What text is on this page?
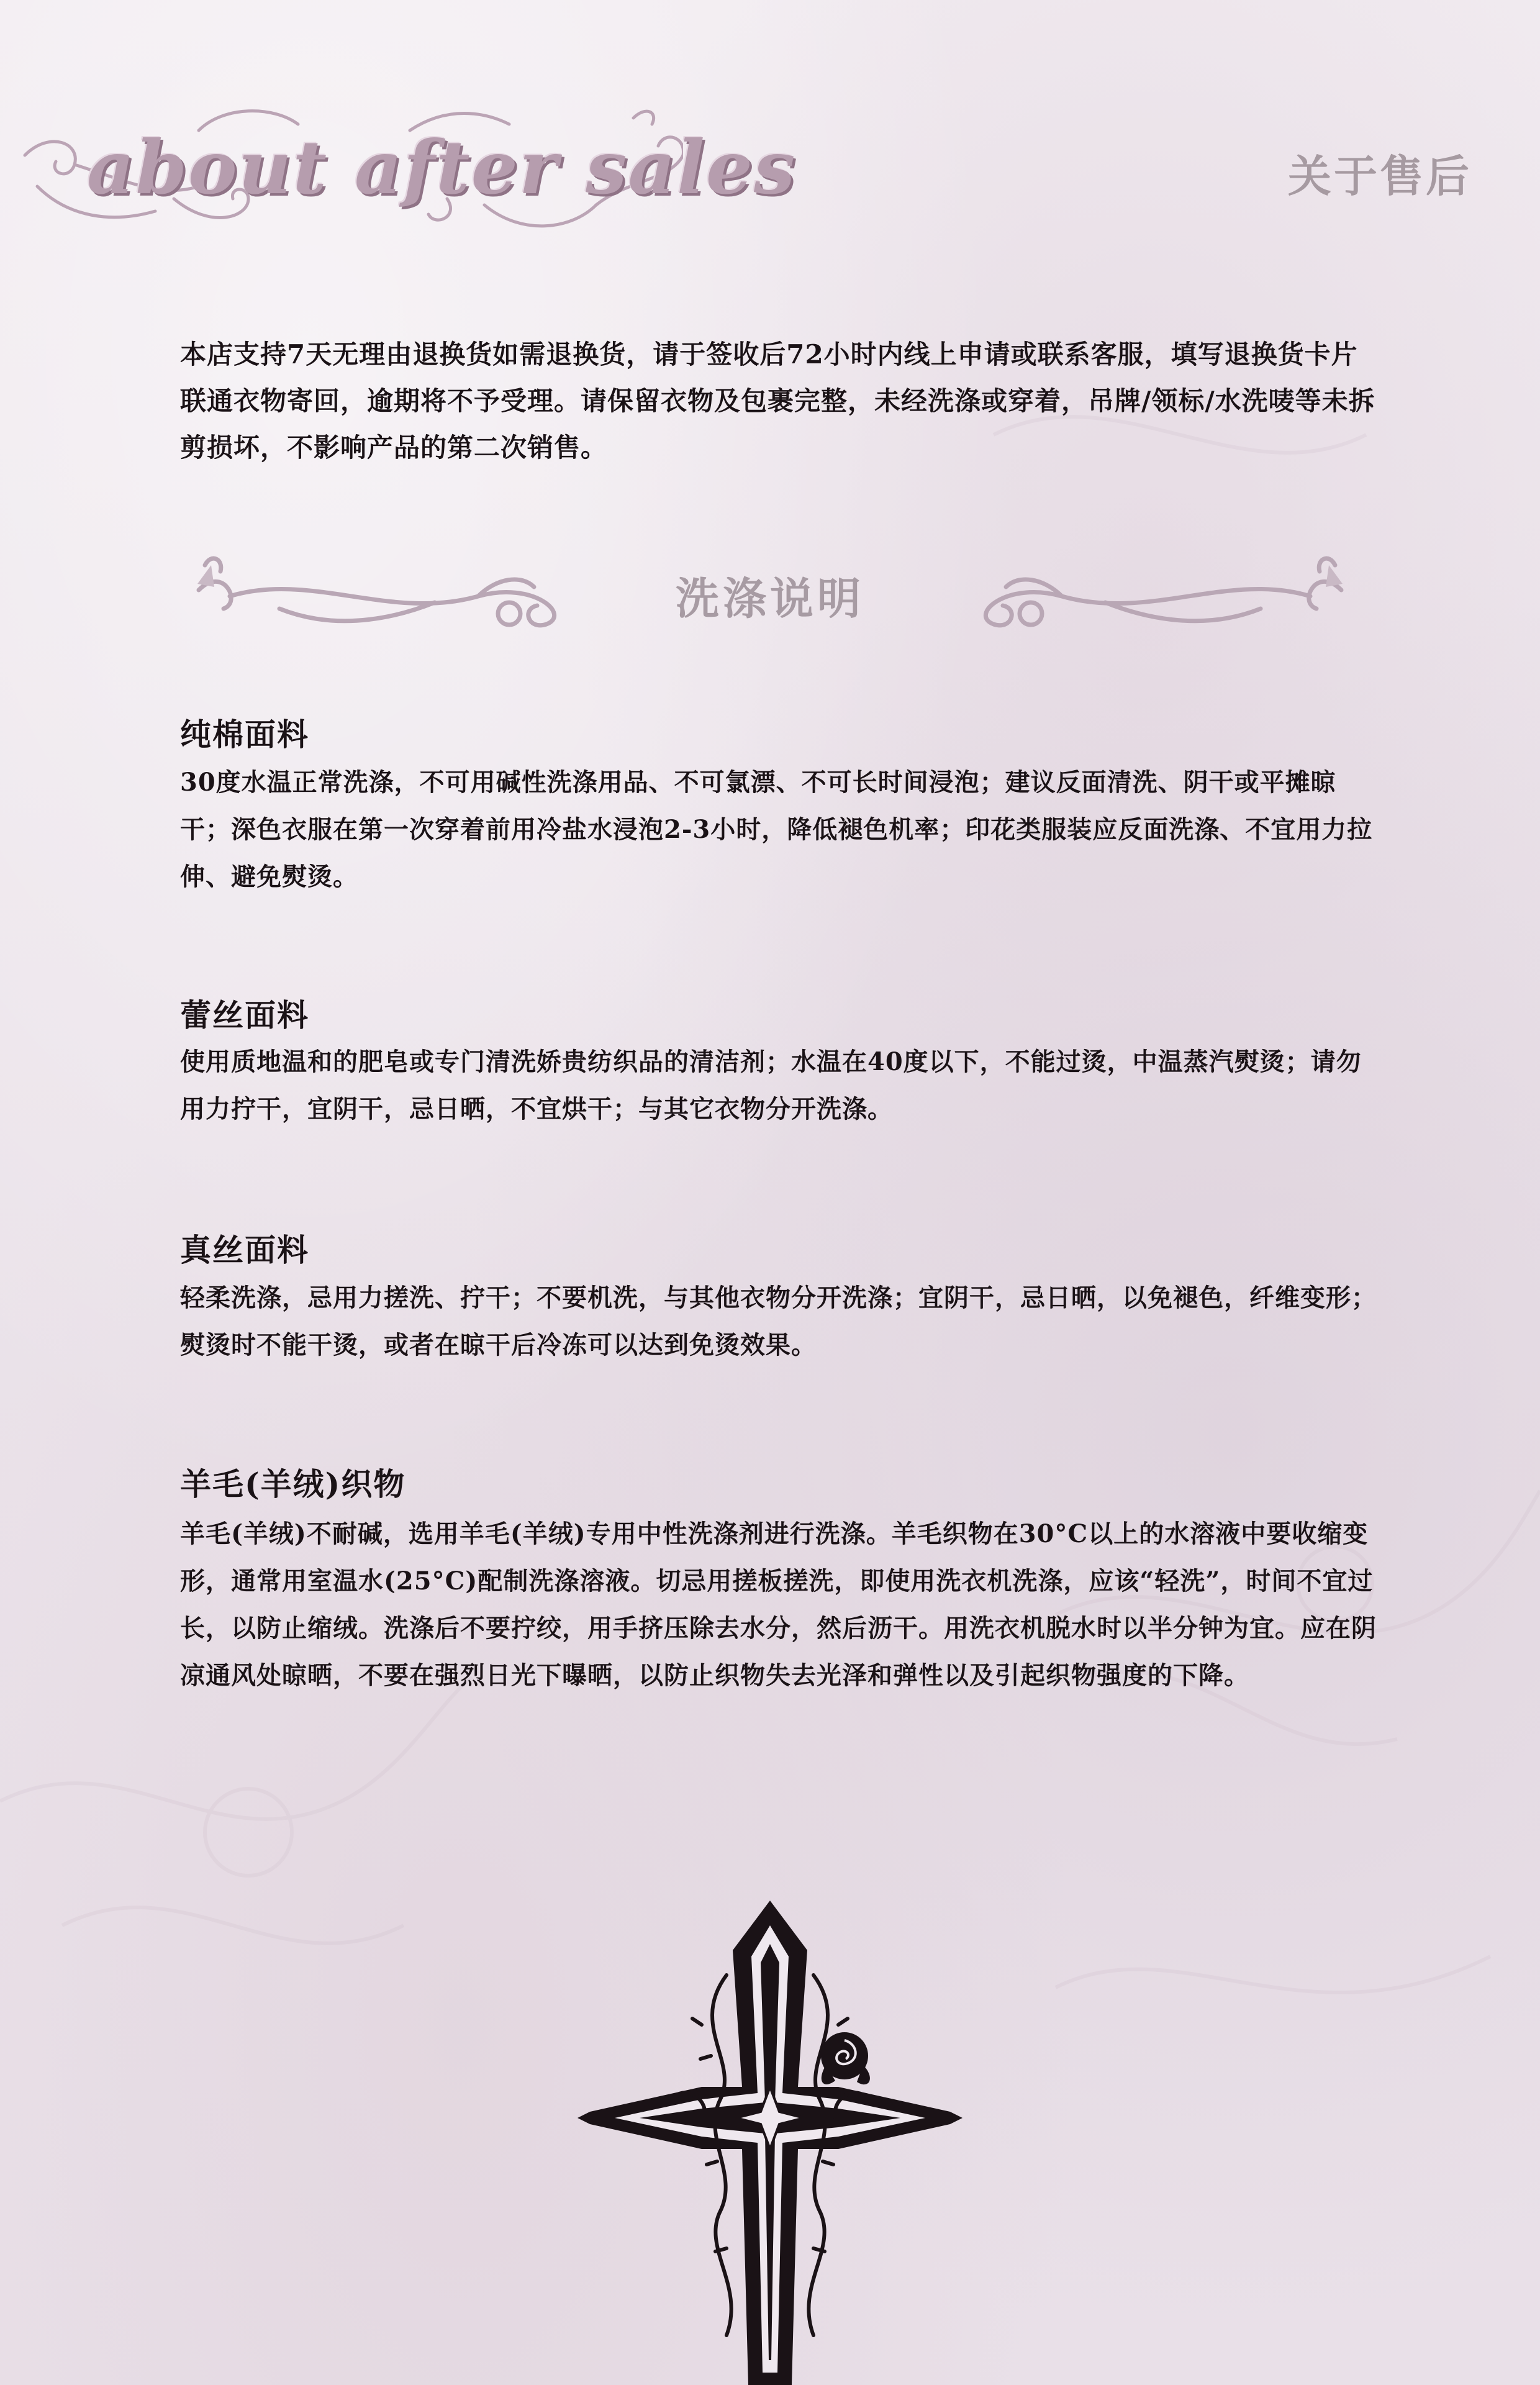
about after sales	关于售后
本店支持7天无理由退换货如需退换货，请于签收后72小时内线上申请或联系客服，填写退换货卡片联通衣物寄回，逾期将不予受理。请保留衣物及包裹完整，未经洗涤或穿着，吊牌/领标/水洗唛等未拆剪损坏，不影响产品的第二次销售。
洗涤说明
纯棉面料
30度水温正常洗涤，不可用碱性洗涤用品、不可氯漂、不可长时间浸泡；建议反面清洗、阴干或平摊晾干；深色衣服在第一次穿着前用冷盐水浸泡2-3小时，降低褪色机率；印花类服装应反面洗涤、不宜用力拉伸、避免熨烫。
蕾丝面料
使用质地温和的肥皂或专门清洗娇贵纺织品的清洁剂；水温在40度以下，不能过烫，中温蒸汽熨烫；请勿用力拧干，宜阴干，忌日晒，不宜烘干；与其它衣物分开洗涤。
真丝面料
轻柔洗涤，忌用力搓洗、拧干；不要机洗，与其他衣物分开洗涤；宜阴干，忌日晒，以免褪色，纤维变形；熨烫时不能干烫，或者在晾干后冷冻可以达到免烫效果。
羊毛(羊绒)织物
羊毛(羊绒)不耐碱，选用羊毛(羊绒)专用中性洗涤剂进行洗涤。羊毛织物在30°C以上的水溶液中要收缩变形，通常用室温水(25°C)配制洗涤溶液。切忌用搓板搓洗，即使用洗衣机洗涤，应该“轻洗”，时间不宜过长，以防止缩绒。洗涤后不要拧绞，用手挤压除去水分，然后沥干。用洗衣机脱水时以半分钟为宜。应在阴凉通风处晾晒，不要在强烈日光下曝晒，以防止织物失去光泽和弹性以及引起织物强度的下降。
